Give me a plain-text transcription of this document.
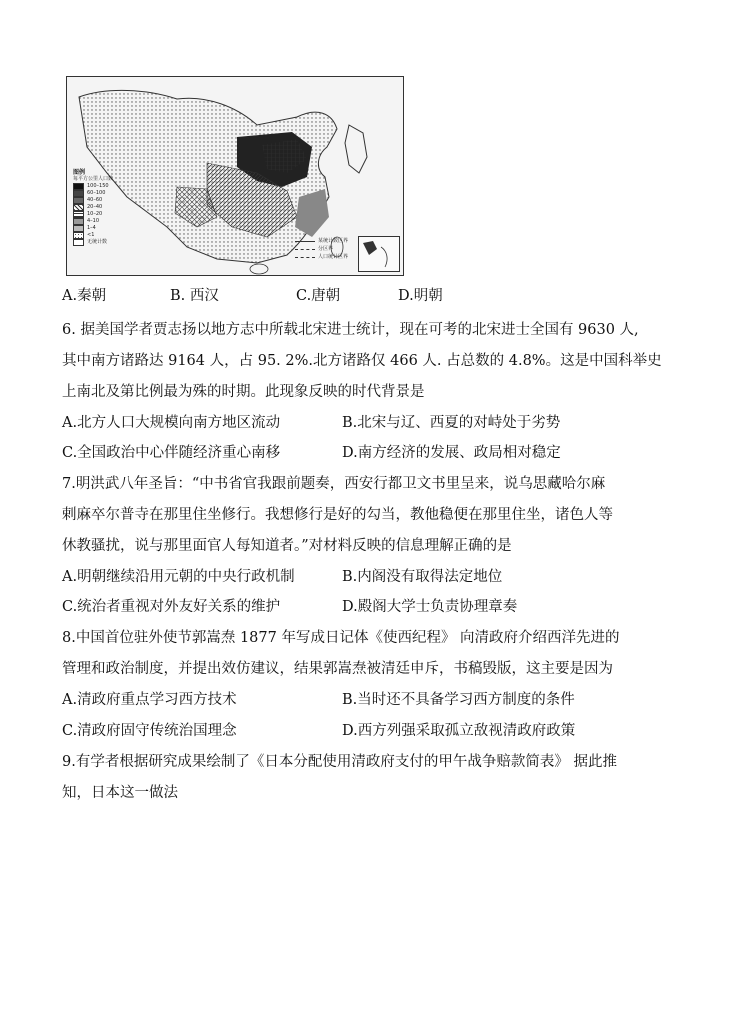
图例
每平方公里人口数
100–150
60–100
40–60
20–40
10–20
4–10
1–4
<1
无统计数	某统计数区界
分区界
人口统计区界
A.秦朝	B. 西汉	C.唐朝	D.明朝
6. 据美国学者贾志扬以地方志中所载北宋进士统计，现在可考的北宋进士全国有 9630 人,
其中南方诸路达 9164 人，占 95. 2%.北方诸路仅 466 人. 占总数的 4.8%。这是中国科举史
上南北及第比例最为殊的时期。此现象反映的时代背景是
A.北方人口大规模向南方地区流动	B.北宋与辽、西夏的对峙处于劣势
C.全国政治中心伴随经济重心南移	D.南方经济的发展、政局相对稳定
7.明洪武八年圣旨：“中书省官我跟前题奏，西安行都卫文书里呈来，说乌思藏哈尔麻
剌麻卒尔普寺在那里住坐修行。我想修行是好的勾当，教他稳便在那里住坐，诸色人等
休教骚扰，说与那里面官人每知道者。”对材料反映的信息理解正确的是
A.明朝继续沿用元朝的中央行政机制	B.内阁没有取得法定地位
C.统治者重视对外友好关系的维护	D.殿阁大学士负责协理章奏
8.中国首位驻外使节郭嵩焘 1877 年写成日记体《使西纪程》 向清政府介绍西洋先进的
管理和政治制度，并提出效仿建议，结果郭嵩焘被清廷申斥，书稿毁版，这主要是因为
A.清政府重点学习西方技术	B.当时还不具备学习西方制度的条件
C.清政府固守传统治国理念	D.西方列强采取孤立敌视清政府政策
9.有学者根据研究成果绘制了《日本分配使用清政府支付的甲午战争赔款简表》 据此推
知，日本这一做法
